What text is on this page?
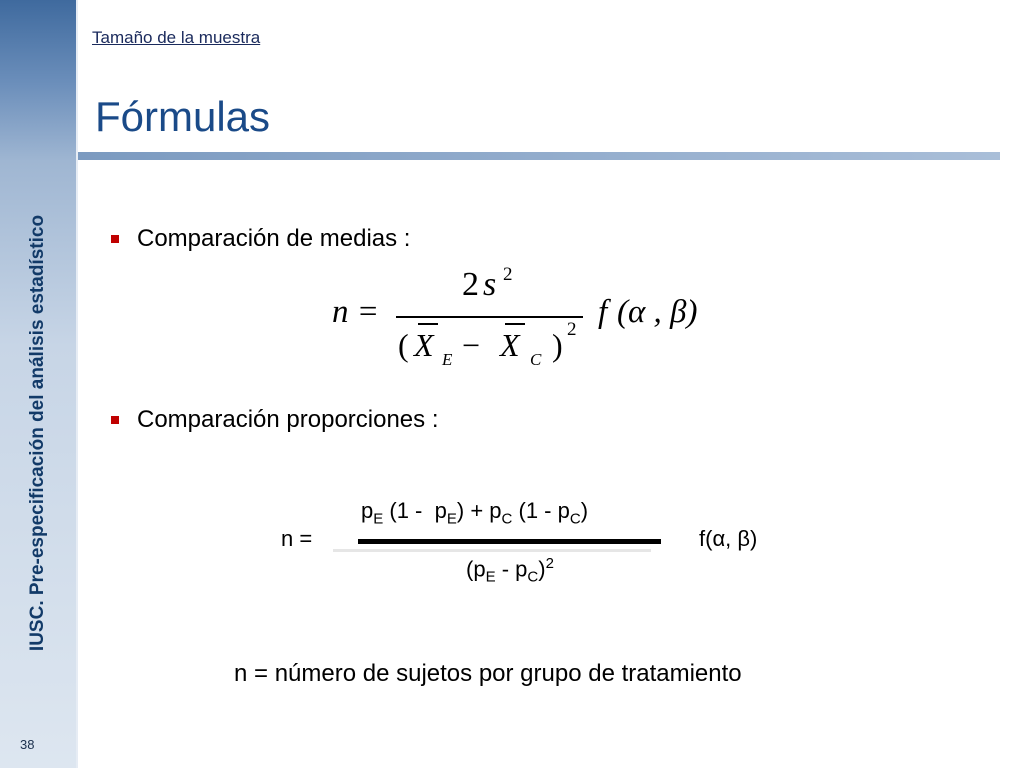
IUSC. Pre-especificación del análisis estadístico
38
Tamaño de la muestra
Fórmulas
Comparación de medias :
n =
2 s 2
( X E − X C ) 2 f (α , β)
Comparación proporciones :
n =
$p_E$ $(1 - p_E) + p_C$ $(1 - p_C)$
$(p_E - p_C)^2$
f(α, β)
n = número de sujetos por grupo de tratamiento
